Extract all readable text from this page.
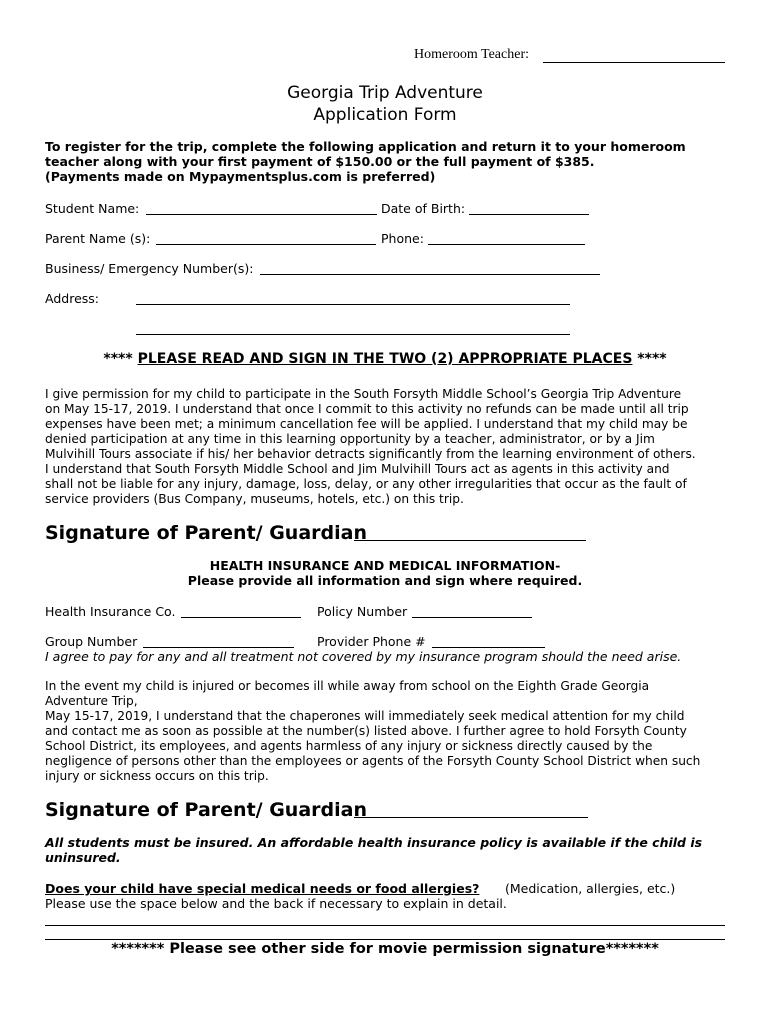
Homeroom Teacher:
Georgia Trip Adventure
Application Form
To register for the trip, complete the following application and return it to your homeroom
teacher along with your first payment of $150.00 or the full payment of $385.
(Payments made on Mypaymentsplus.com is preferred)
Student Name:	Date of Birth:
Parent Name (s):	Phone:
Business/ Emergency Number(s):
Address:
**** PLEASE READ AND SIGN IN THE TWO (2) APPROPRIATE PLACES ****
I give permission for my child to participate in the South Forsyth Middle School’s Georgia Trip Adventure
on May 15-17, 2019. I understand that once I commit to this activity no refunds can be made until all trip
expenses have been met; a minimum cancellation fee will be applied. I understand that my child may be
denied participation at any time in this learning opportunity by a teacher, administrator, or by a Jim
Mulvihill Tours associate if his/ her behavior detracts significantly from the learning environment of others.
I understand that South Forsyth Middle School and Jim Mulvihill Tours act as agents in this activity and
shall not be liable for any injury, damage, loss, delay, or any other irregularities that occur as the fault of
service providers (Bus Company, museums, hotels, etc.) on this trip.
Signature of Parent/ Guardian
HEALTH INSURANCE AND MEDICAL INFORMATION-
Please provide all information and sign where required.
Health Insurance Co.	Policy Number
Group Number	Provider Phone #
I agree to pay for any and all treatment not covered by my insurance program should the need arise.
In the event my child is injured or becomes ill while away from school on the Eighth Grade Georgia
Adventure Trip,
May 15-17, 2019, I understand that the chaperones will immediately seek medical attention for my child
and contact me as soon as possible at the number(s) listed above. I further agree to hold Forsyth County
School District, its employees, and agents harmless of any injury or sickness directly caused by the
negligence of persons other than the employees or agents of the Forsyth County School District when such
injury or sickness occurs on this trip.
Signature of Parent/ Guardian
All students must be insured. An affordable health insurance policy is available if the child is
uninsured.
Does your child have special medical needs or food allergies? (Medication, allergies, etc.)
Please use the space below and the back if necessary to explain in detail.
******* Please see other side for movie permission signature*******
